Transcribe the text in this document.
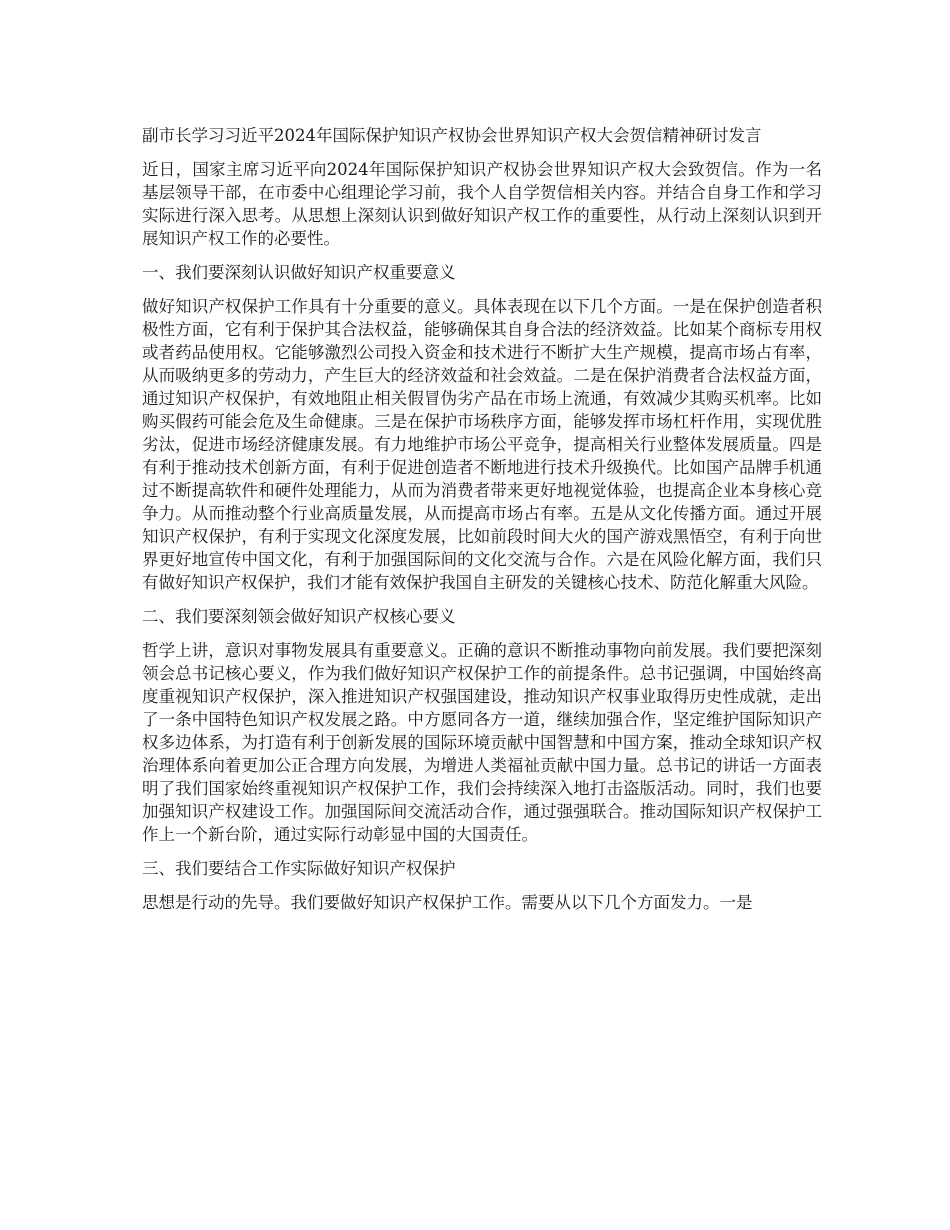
副市长学习习近平2024年国际保护知识产权协会世界知识产权大会贺信精神研讨发言

近日，国家主席习近平向2024年国际保护知识产权协会世界知识产权大会致贺信。作为一名基层领导干部，在市委中心组理论学习前，我个人自学贺信相关内容。并结合自身工作和学习实际进行深入思考。从思想上深刻认识到做好知识产权工作的重要性，从行动上深刻认识到开展知识产权工作的必要性。

一、我们要深刻认识做好知识产权重要意义

做好知识产权保护工作具有十分重要的意义。具体表现在以下几个方面。一是在保护创造者积极性方面，它有利于保护其合法权益，能够确保其自身合法的经济效益。比如某个商标专用权或者药品使用权。它能够激烈公司投入资金和技术进行不断扩大生产规模，提高市场占有率，从而吸纳更多的劳动力，产生巨大的经济效益和社会效益。二是在保护消费者合法权益方面，通过知识产权保护，有效地阻止相关假冒伪劣产品在市场上流通，有效减少其购买机率。比如购买假药可能会危及生命健康。三是在保护市场秩序方面，能够发挥市场杠杆作用，实现优胜劣汰，促进市场经济健康发展。有力地维护市场公平竞争，提高相关行业整体发展质量。四是有利于推动技术创新方面，有利于促进创造者不断地进行技术升级换代。比如国产品牌手机通过不断提高软件和硬件处理能力，从而为消费者带来更好地视觉体验，也提高企业本身核心竞争力。从而推动整个行业高质量发展，从而提高市场占有率。五是从文化传播方面。通过开展知识产权保护，有利于实现文化深度发展，比如前段时间大火的国产游戏黑悟空，有利于向世界更好地宣传中国文化，有利于加强国际间的文化交流与合作。六是在风险化解方面，我们只有做好知识产权保护，我们才能有效保护我国自主研发的关键核心技术、防范化解重大风险。

二、我们要深刻领会做好知识产权核心要义

哲学上讲，意识对事物发展具有重要意义。正确的意识不断推动事物向前发展。我们要把深刻领会总书记核心要义，作为我们做好知识产权保护工作的前提条件。总书记强调，中国始终高度重视知识产权保护，深入推进知识产权强国建设，推动知识产权事业取得历史性成就，走出了一条中国特色知识产权发展之路。中方愿同各方一道，继续加强合作，坚定维护国际知识产权多边体系，为打造有利于创新发展的国际环境贡献中国智慧和中国方案，推动全球知识产权治理体系向着更加公正合理方向发展，为增进人类福祉贡献中国力量。总书记的讲话一方面表明了我们国家始终重视知识产权保护工作，我们会持续深入地打击盗版活动。同时，我们也要加强知识产权建设工作。加强国际间交流活动合作，通过强强联合。推动国际知识产权保护工作上一个新台阶，通过实际行动彰显中国的大国责任。

三、我们要结合工作实际做好知识产权保护

思想是行动的先导。我们要做好知识产权保护工作。需要从以下几个方面发力。一是
